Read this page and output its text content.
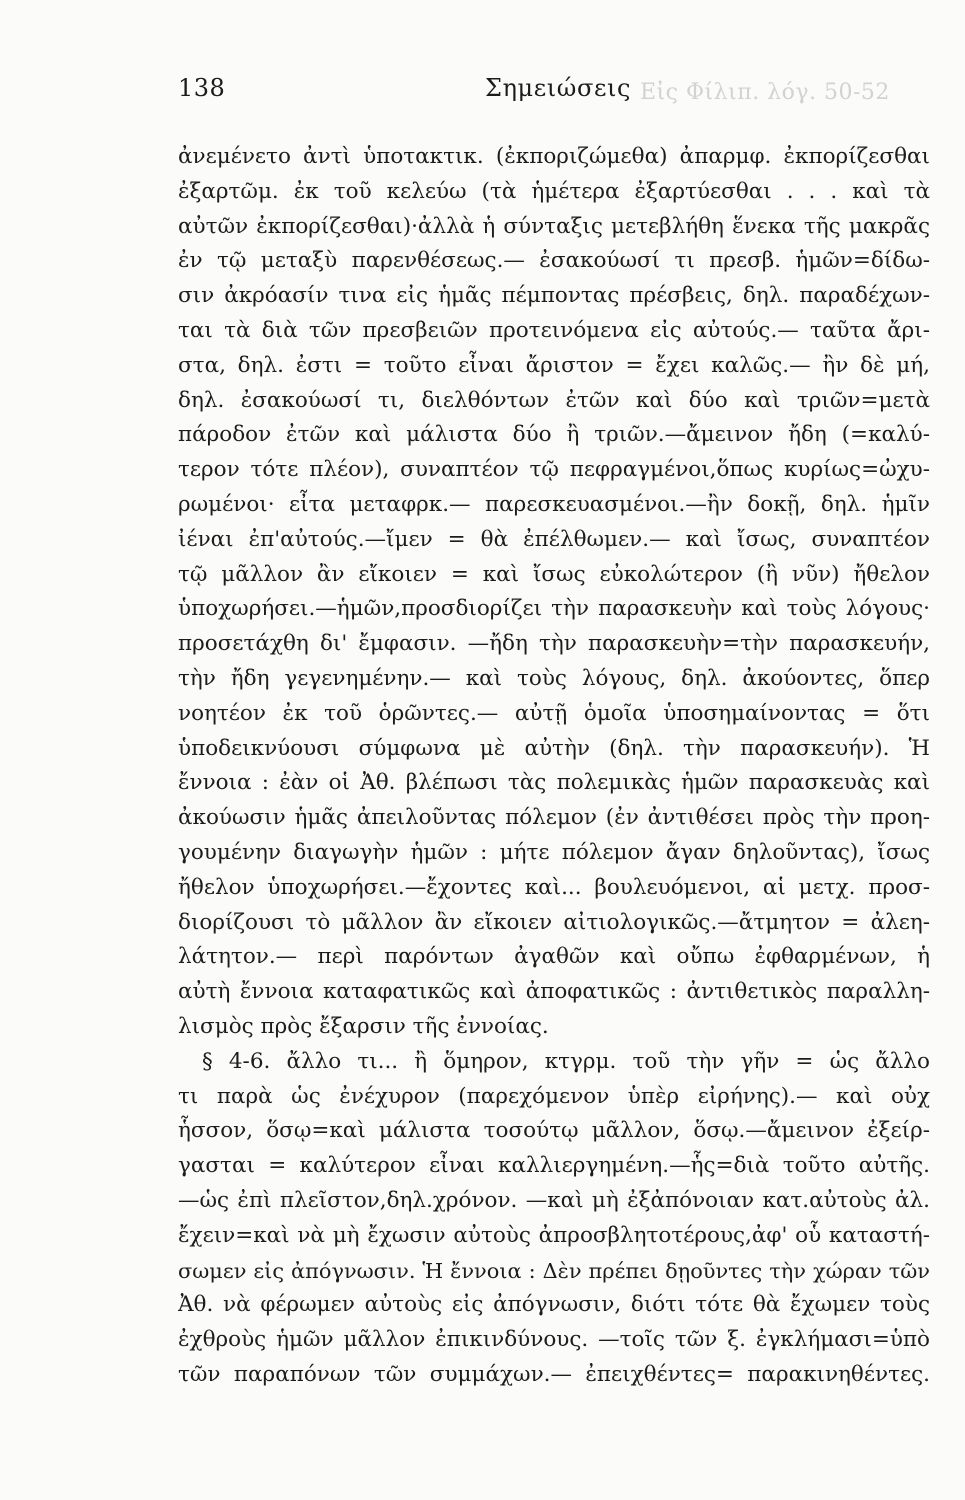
Εἰς Φίλιπ. λόγ. 50-52
138	Σημειώσεις
ἀνεμένετο ἀντὶ ὑποτακτικ. (ἐκποριζώμεθα) ἀπαρμφ. ἐκπορίζεσθαι
ἐξαρτῶμ. ἐκ τοῦ κελεύω (τὰ ἡμέτερα ἐξαρτύεσθαι . . . καὶ τὰ
αὐτῶν ἐκπορίζεσθαι)·ἀλλὰ ἡ σύνταξις μετεβλήθη ἕνεκα τῆς μακρᾶς
ἐν τῷ μεταξὺ παρενθέσεως.— ἐσακούωσί τι πρεσβ. ἡμῶν=δίδω-
σιν ἀκρόασίν τινα εἰς ἡμᾶς πέμποντας πρέσβεις, δηλ. παραδέχων-
ται τὰ διὰ τῶν πρεσβειῶν προτεινόμενα εἰς αὐτούς.— ταῦτα ἄρι-
στα, δηλ. ἐστι = τοῦτο εἶναι ἄριστον = ἔχει καλῶς.— ἢν δὲ μή,
δηλ. ἐσακούωσί τι, διελθόντων ἐτῶν καὶ δύο καὶ τριῶν=μετὰ
πάροδον ἐτῶν καὶ μάλιστα δύο ἢ τριῶν.—ἄμεινον ἤδη (=καλύ-
τερον τότε πλέον), συναπτέον τῷ πεφραγμένοι,ὅπως κυρίως=ὠχυ-
ρωμένοι· εἶτα μεταφρκ.— παρεσκευασμένοι.—ἢν δοκῇ, δηλ. ἡμῖν
ἰέναι ἐπ'αὐτούς.—ἴμεν = θὰ ἐπέλθωμεν.— καὶ ἴσως, συναπτέον
τῷ μᾶλλον ἂν εἴκοιεν = καὶ ἴσως εὐκολώτερον (ἢ νῦν) ἤθελον
ὑποχωρήσει.—ἡμῶν,προσδιορίζει τὴν παρασκευὴν καὶ τοὺς λόγους·
προσετάχθη δι' ἔμφασιν. —ἤδη τὴν παρασκευὴν=τὴν παρασκευήν,
τὴν ἤδη γεγενημένην.— καὶ τοὺς λόγους, δηλ. ἀκούοντες, ὅπερ
νοητέον ἐκ τοῦ ὁρῶντες.— αὐτῇ ὁμοῖα ὑποσημαίνοντας = ὅτι
ὑποδεικνύουσι σύμφωνα μὲ αὐτὴν (δηλ. τὴν παρασκευήν). Ἡ
ἔννοια : ἐὰν οἱ Ἀθ. βλέπωσι τὰς πολεμικὰς ἡμῶν παρασκευὰς καὶ
ἀκούωσιν ἡμᾶς ἀπειλοῦντας πόλεμον (ἐν ἀντιθέσει πρὸς τὴν προη-
γουμένην διαγωγὴν ἡμῶν : μήτε πόλεμον ἄγαν δηλοῦντας), ἴσως
ἤθελον ὑποχωρήσει.—ἔχοντες καὶ... βουλευόμενοι, αἱ μετχ. προσ-
διορίζουσι τὸ μᾶλλον ἂν εἴκοιεν αἰτιολογικῶς.—ἄτμητον = ἀλεη-
λάτητον.— περὶ παρόντων ἀγαθῶν καὶ οὔπω ἐφθαρμένων, ἡ
αὐτὴ ἔννοια καταφατικῶς καὶ ἀποφατικῶς : ἀντιθετικὸς παραλλη-
λισμὸς πρὸς ἔξαρσιν τῆς ἐννοίας.
§ 4-6. ἄλλο τι... ἢ ὅμηρον, κτγρμ. τοῦ τὴν γῆν = ὡς ἄλλο
τι παρὰ ὡς ἐνέχυρον (παρεχόμενον ὑπὲρ εἰρήνης).— καὶ οὐχ
ἧσσον, ὅσῳ=καὶ μάλιστα τοσούτῳ μᾶλλον, ὅσῳ.—ἄμεινον ἐξείρ-
γασται = καλύτερον εἶναι καλλιεργημένη.—ἧς=διὰ τοῦτο αὐτῆς.
—ὡς ἐπὶ πλεῖστον,δηλ.χρόνον. —καὶ μὴ ἐξἀπόνοιαν κατ.αὐτοὺς ἀλ.
ἔχειν=καὶ νὰ μὴ ἔχωσιν αὐτοὺς ἀπροσβλητοτέρους,ἀφ' οὗ καταστή-
σωμεν εἰς ἀπόγνωσιν. Ἡ ἔννοια : Δὲν πρέπει δῃοῦντες τὴν χώραν τῶν
Ἀθ. νὰ φέρωμεν αὐτοὺς εἰς ἀπόγνωσιν, διότι τότε θὰ ἔχωμεν τοὺς
ἐχθροὺς ἡμῶν μᾶλλον ἐπικινδύνους. —τοῖς τῶν ξ. ἐγκλήμασι=ὑπὸ
τῶν παραπόνων τῶν συμμάχων.— ἐπειχθέντες= παρακινηθέντες.
